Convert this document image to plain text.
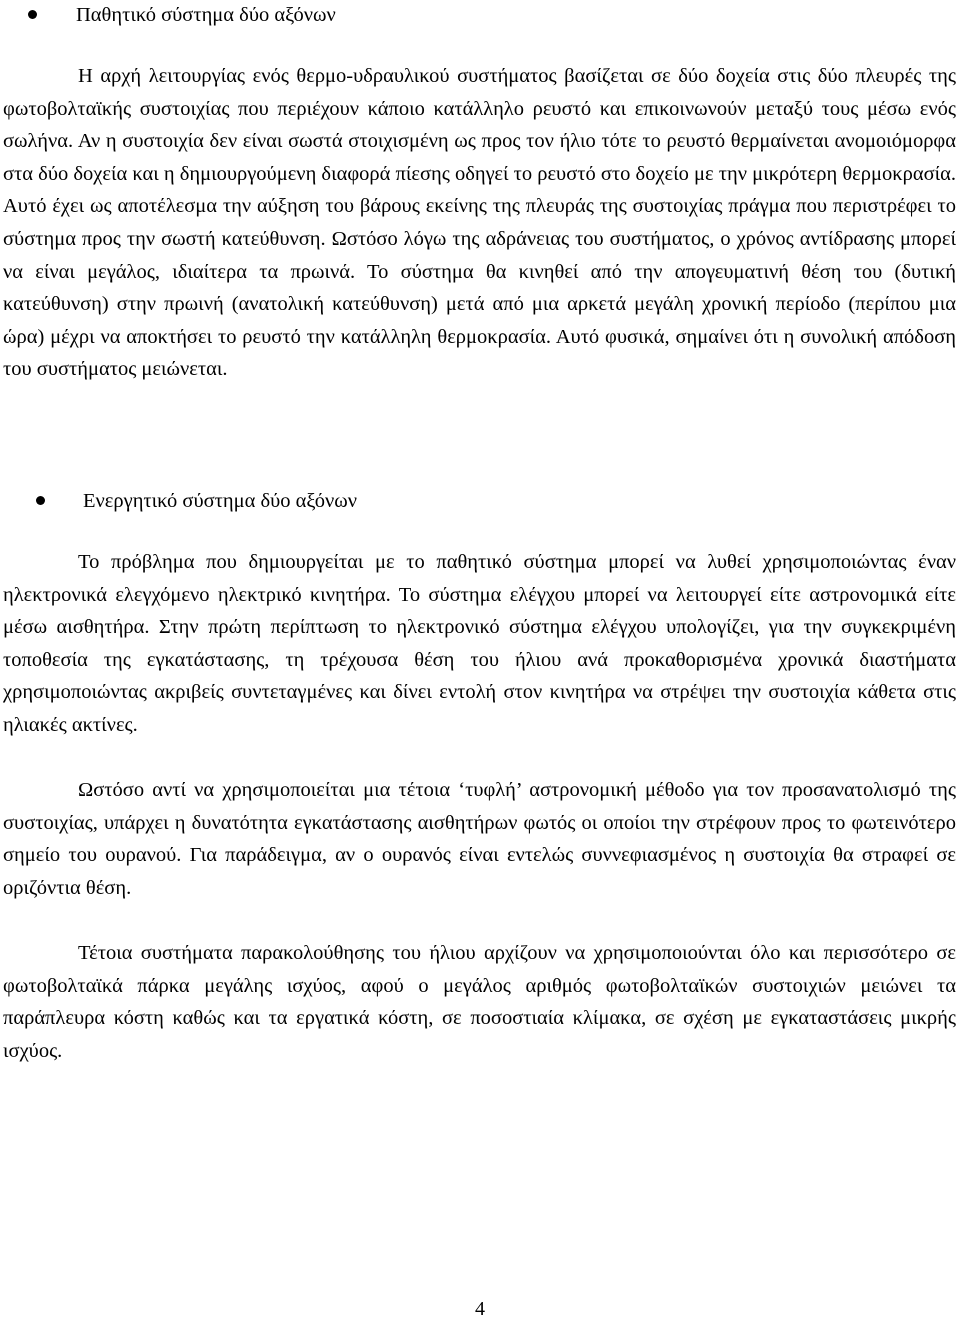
Παθητικό σύστημα δύο αξόνων

Η αρχή λειτουργίας ενός θερμο-υδραυλικού συστήματος βασίζεται σε δύο δοχεία στις δύο πλευρές της φωτοβολταϊκής συστοιχίας που περιέχουν κάποιο κατάλληλο ρευστό και επικοινωνούν μεταξύ τους μέσω ενός σωλήνα. Αν η συστοιχία δεν είναι σωστά στοιχισμένη ως προς τον ήλιο τότε το ρευστό θερμαίνεται ανομοιόμορφα στα δύο δοχεία και η δημιουργούμενη διαφορά πίεσης οδηγεί το ρευστό στο δοχείο με την μικρότερη θερμοκρασία. Αυτό έχει ως αποτέλεσμα την αύξηση του βάρους εκείνης της πλευράς της συστοιχίας πράγμα που περιστρέφει το σύστημα προς την σωστή κατεύθυνση. Ωστόσο λόγω της αδράνειας του συστήματος, ο χρόνος αντίδρασης μπορεί να είναι μεγάλος, ιδιαίτερα τα πρωινά. Το σύστημα θα κινηθεί από την απογευματινή θέση του (δυτική κατεύθυνση) στην πρωινή (ανατολική κατεύθυνση) μετά από μια αρκετά μεγάλη χρονική περίοδο (περίπου μια ώρα) μέχρι να αποκτήσει το ρευστό την κατάλληλη θερμοκρασία. Αυτό φυσικά, σημαίνει ότι η συνολική απόδοση του συστήματος μειώνεται.

Ενεργητικό σύστημα δύο αξόνων

Το πρόβλημα που δημιουργείται με το παθητικό σύστημα μπορεί να λυθεί χρησιμοποιώντας έναν ηλεκτρονικά ελεγχόμενο ηλεκτρικό κινητήρα. Το σύστημα ελέγχου μπορεί να λειτουργεί είτε αστρονομικά είτε μέσω αισθητήρα. Στην πρώτη περίπτωση το ηλεκτρονικό σύστημα ελέγχου υπολογίζει, για την συγκεκριμένη τοποθεσία της εγκατάστασης, τη τρέχουσα θέση του ήλιου ανά προκαθορισμένα χρονικά διαστήματα χρησιμοποιώντας ακριβείς συντεταγμένες και δίνει εντολή στον κινητήρα να στρέψει την συστοιχία κάθετα στις ηλιακές ακτίνες.

Ωστόσο αντί να χρησιμοποιείται μια τέτοια ‘τυφλή’ αστρονομική μέθοδο για τον προσανατολισμό της συστοιχίας, υπάρχει η δυνατότητα εγκατάστασης αισθητήρων φωτός οι οποίοι την στρέφουν προς το φωτεινότερο σημείο του ουρανού. Για παράδειγμα, αν ο ουρανός είναι εντελώς συννεφιασμένος η συστοιχία θα στραφεί σε οριζόντια θέση.

Τέτοια συστήματα παρακολούθησης του ήλιου αρχίζουν να χρησιμοποιούνται όλο και περισσότερο σε φωτοβολταϊκά πάρκα μεγάλης ισχύος, αφού ο μεγάλος αριθμός φωτοβολταϊκών συστοιχιών μειώνει τα παράπλευρα κόστη καθώς και τα εργατικά κόστη, σε ποσοστιαία κλίμακα, σε σχέση με εγκαταστάσεις μικρής ισχύος.

4
